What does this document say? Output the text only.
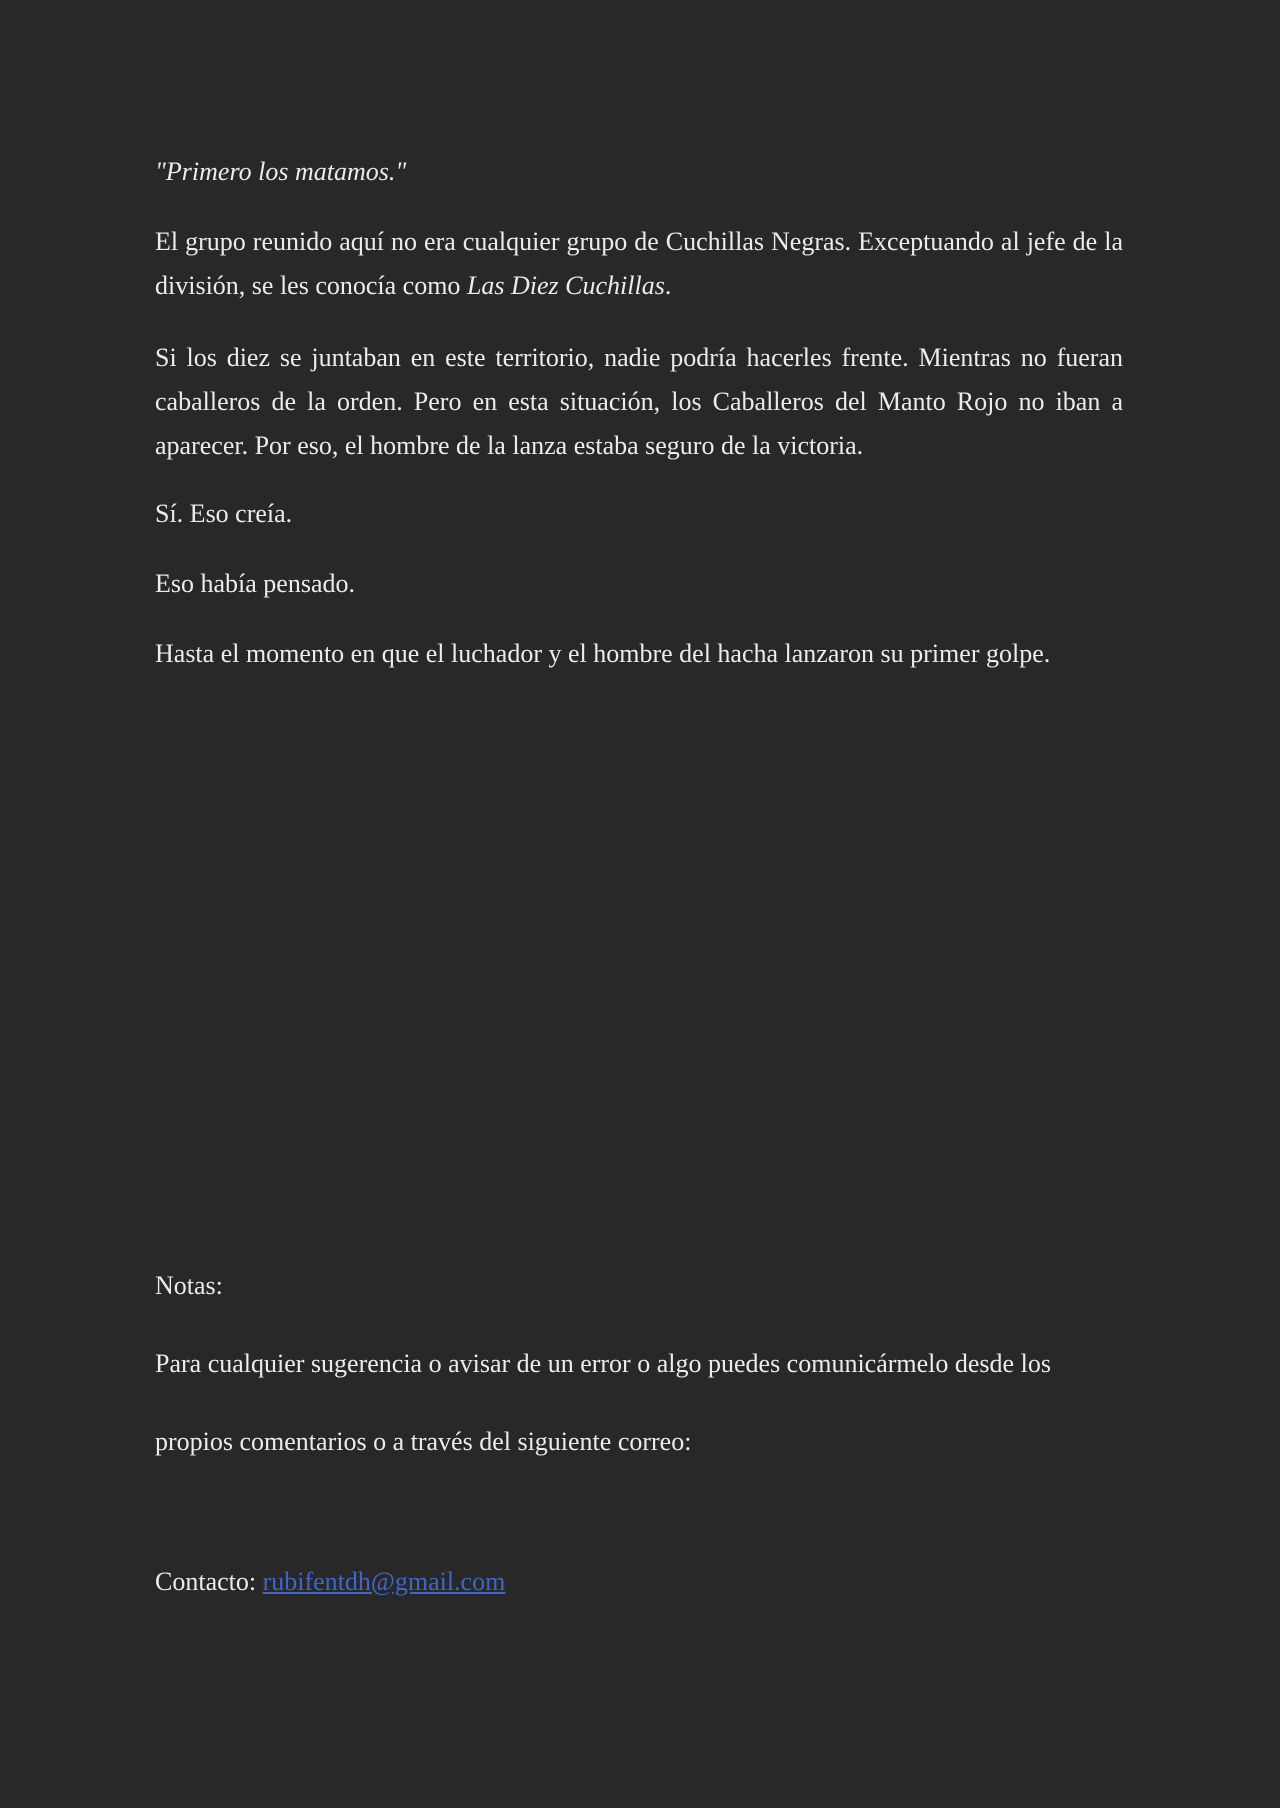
"Primero los matamos."

El grupo reunido aquí no era cualquier grupo de Cuchillas Negras. Exceptuando al jefe de la división, se les conocía como Las Diez Cuchillas.

Si los diez se juntaban en este territorio, nadie podría hacerles frente. Mientras no fueran caballeros de la orden. Pero en esta situación, los Caballeros del Manto Rojo no iban a aparecer. Por eso, el hombre de la lanza estaba seguro de la victoria.

Sí. Eso creía.

Eso había pensado.

Hasta el momento en que el luchador y el hombre del hacha lanzaron su primer golpe.

Notas:

Para cualquier sugerencia o avisar de un error o algo puedes comunicármelo desde los

propios comentarios o a través del siguiente correo:

Contacto: rubifentdh@gmail.com
